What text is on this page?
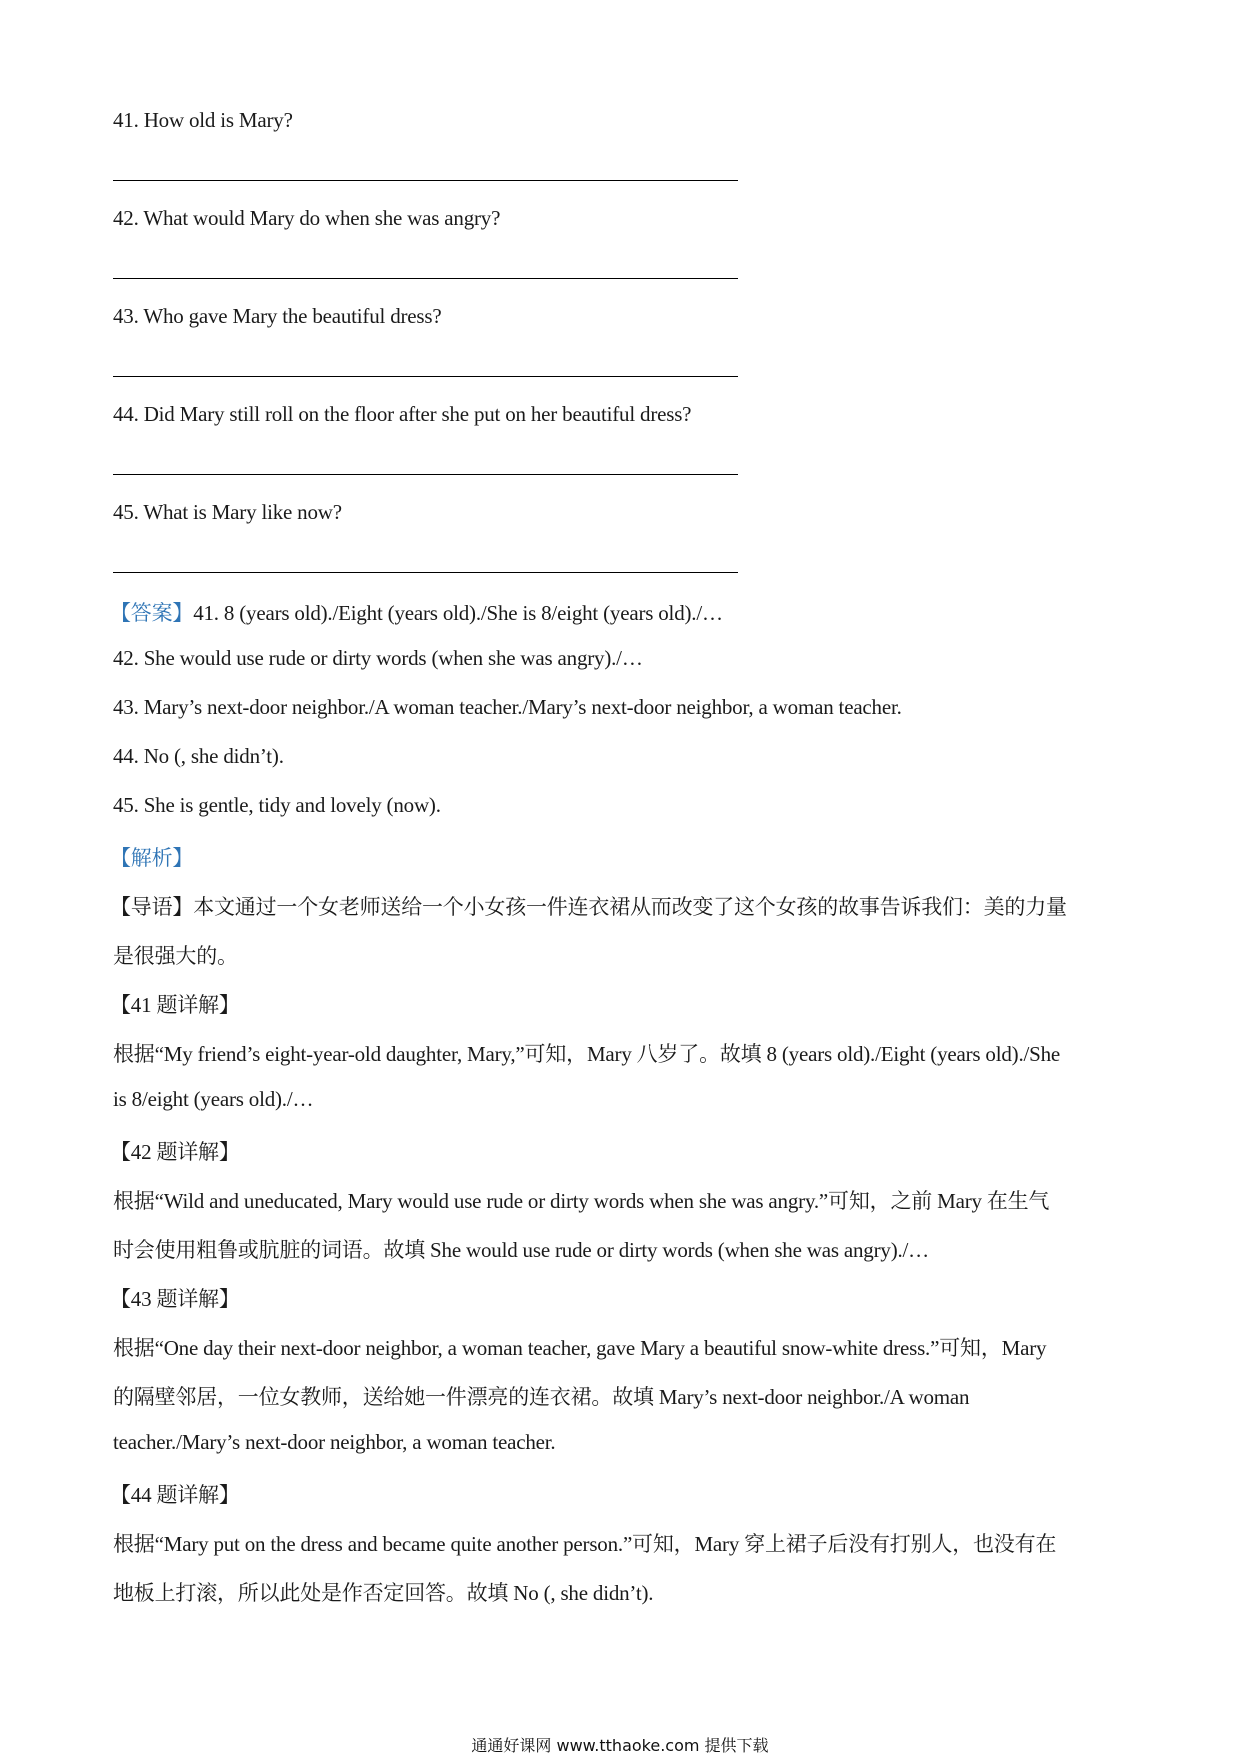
41. How old is Mary?
42. What would Mary do when she was angry?
43. Who gave Mary the beautiful dress?
44. Did Mary still roll on the floor after she put on her beautiful dress?
45. What is Mary like now?
【答案】41. 8 (years old)./Eight (years old)./She is 8/eight (years old)./…
42. She would use rude or dirty words (when she was angry)./…
43. Mary’s next-door neighbor./A woman teacher./Mary’s next-door neighbor, a woman teacher.
44. No (, she didn’t).
45. She is gentle, tidy and lovely (now).
【解析】
【导语】本文通过一个女老师送给一个小女孩一件连衣裙从而改变了这个女孩的故事告诉我们：美的力量
是很强大的。
【41 题详解】
根据“My friend’s eight-year-old daughter, Mary,”可知，Mary 八岁了。故填 8 (years old)./Eight (years old)./She
is 8/eight (years old)./…
【42 题详解】
根据“Wild and uneducated, Mary would use rude or dirty words when she was angry.”可知，之前 Mary 在生气
时会使用粗鲁或肮脏的词语。故填 She would use rude or dirty words (when she was angry)./…
【43 题详解】
根据“One day their next-door neighbor, a woman teacher, gave Mary a beautiful snow-white dress.”可知，Mary
的隔壁邻居，一位女教师，送给她一件漂亮的连衣裙。故填 Mary’s next-door neighbor./A woman
teacher./Mary’s next-door neighbor, a woman teacher.
【44 题详解】
根据“Mary put on the dress and became quite another person.”可知，Mary 穿上裙子后没有打别人，也没有在
地板上打滚，所以此处是作否定回答。故填 No (, she didn’t).
通通好课网 www.tthaoke.com 提供下载
